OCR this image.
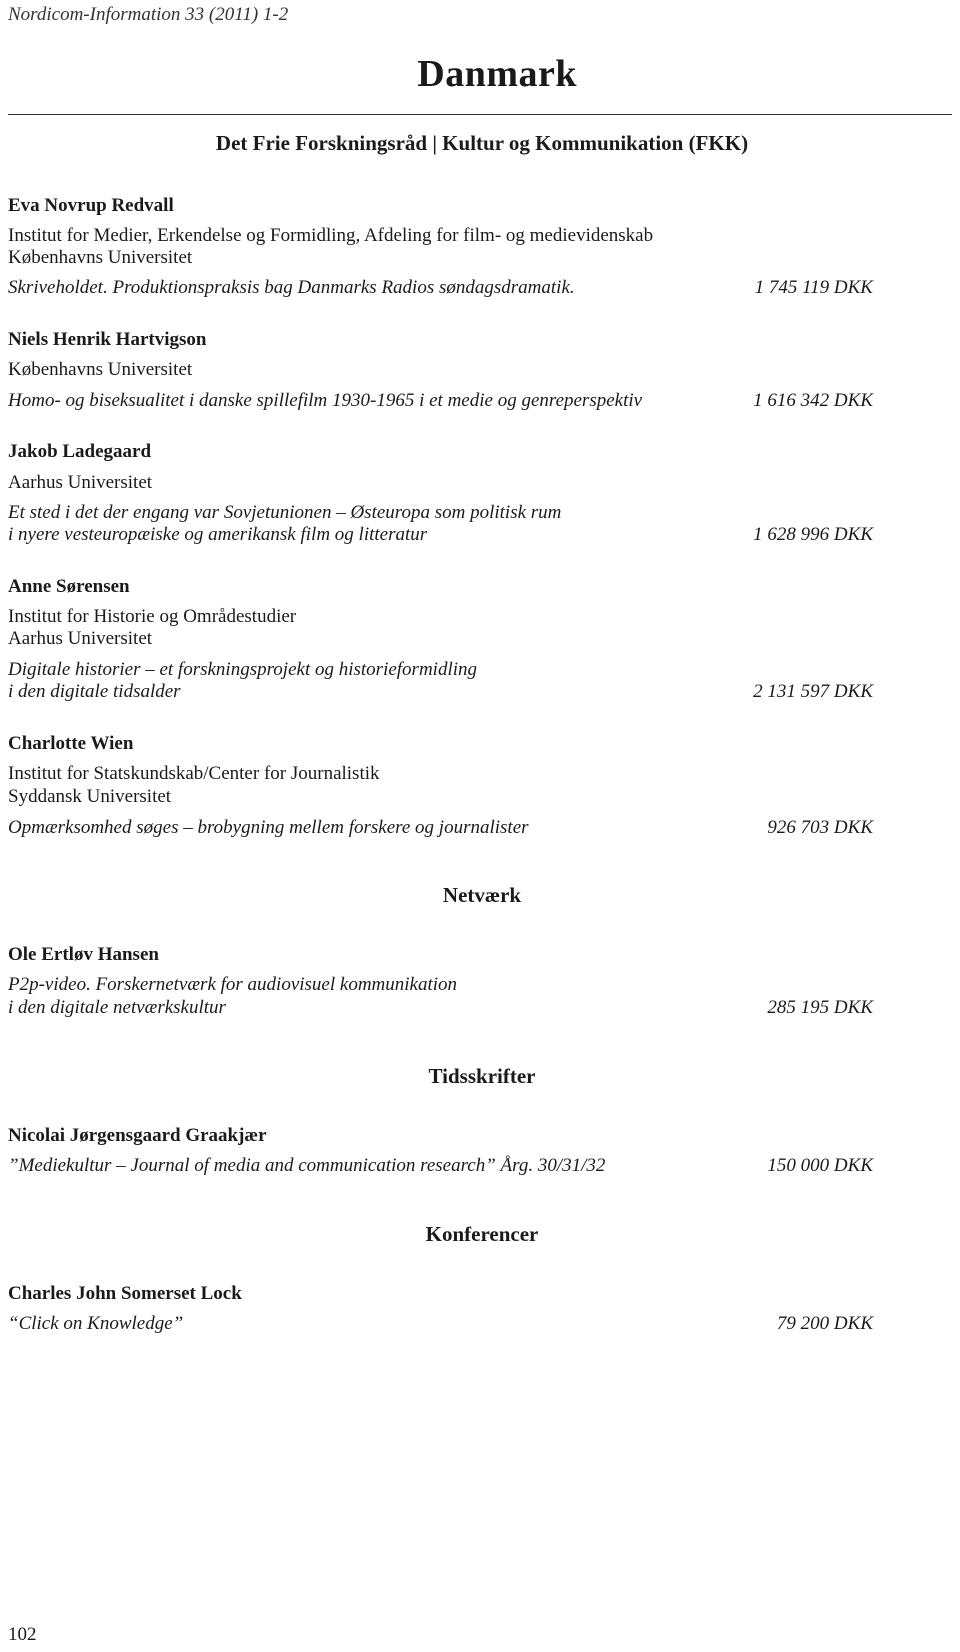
Nordicom-Information 33 (2011) 1-2
Danmark
Det Frie Forskningsråd | Kultur og Kommunikation (FKK)
Eva Novrup Redvall
Institut for Medier, Erkendelse og Formidling, Afdeling for film- og medievidenskab
Københavns Universitet
Skriveholdet. Produktionspraksis bag Danmarks Radios søndagsdramatik.	1 745 119 DKK
Niels Henrik Hartvigson
Københavns Universitet
Homo- og biseksualitet i danske spillefilm 1930-1965 i et medie og genreperspektiv	1 616 342 DKK
Jakob Ladegaard
Aarhus Universitet
Et sted i det der engang var Sovjetunionen – Østeuropa som politisk rum
i nyere vesteuropæiske og amerikansk film og litteratur	1 628 996 DKK
Anne Sørensen
Institut for Historie og Områdestudier
Aarhus Universitet
Digitale historier – et forskningsprojekt og historieformidling
i den digitale tidsalder	2 131 597 DKK
Charlotte Wien
Institut for Statskundskab/Center for Journalistik
Syddansk Universitet
Opmærksomhed søges – brobygning mellem forskere og journalister	926 703 DKK
Netværk
Ole Ertløv Hansen
P2p-video. Forskernetværk for audiovisuel kommunikation
i den digitale netværkskultur	285 195 DKK
Tidsskrifter
Nicolai Jørgensgaard Graakjær
”Mediekultur – Journal of media and communication research” Årg. 30/31/32	150 000 DKK
Konferencer
Charles John Somerset Lock
“Click on Knowledge”	79 200 DKK
102
